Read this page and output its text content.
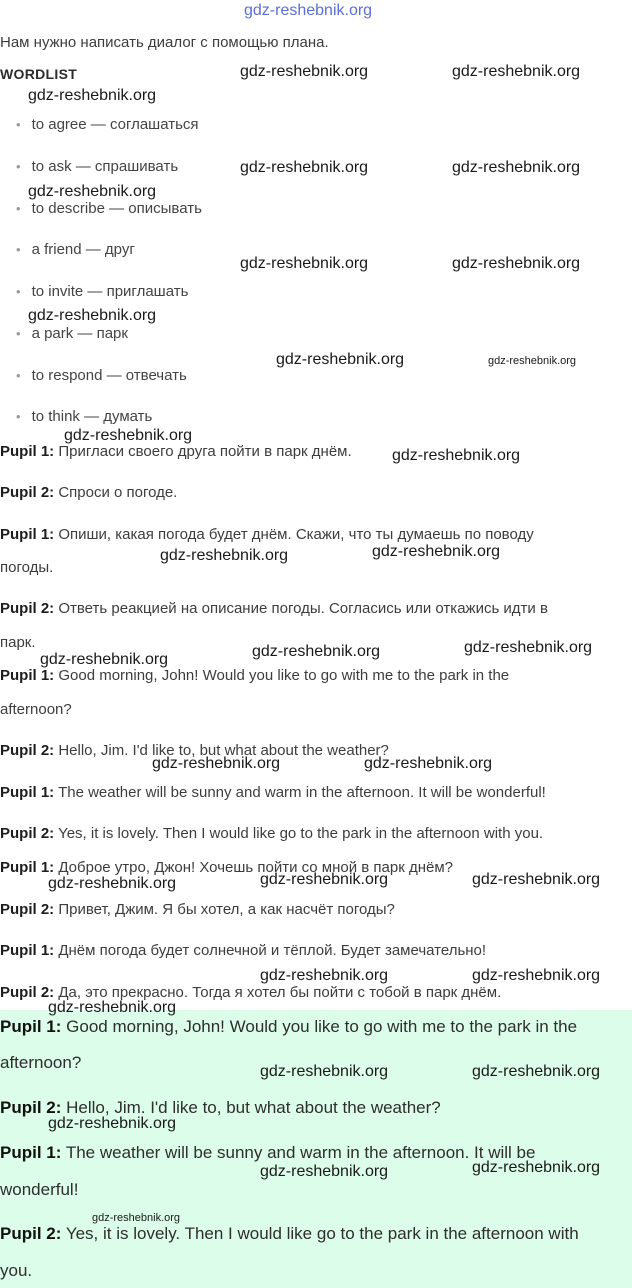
gdz-reshebnik.org
Нам нужно написать диалог с помощью плана.
WORDLIST
• to agree — соглашаться
• to ask — спрашивать
• to describe — описывать
• a friend — друг
• to invite — приглашать
• a park — парк
• to respond — отвечать
• to think — думать
Pupil 1: Пригласи своего друга пойти в парк днём.
Pupil 2: Спроси о погоде.
Pupil 1: Опиши, какая погода будет днём. Скажи, что ты думаешь по поводу
погоды.
Pupil 2: Ответь реакцией на описание погоды. Согласись или откажись идти в
парк.
Pupil 1: Good morning, John! Would you like to go with me to the park in the
afternoon?
Pupil 2: Hello, Jim. I'd like to, but what about the weather?
Pupil 1: The weather will be sunny and warm in the afternoon. It will be wonderful!
Pupil 2: Yes, it is lovely. Then I would like go to the park in the afternoon with you.
Pupil 1: Доброе утро, Джон! Хочешь пойти со мной в парк днём?
Pupil 2: Привет, Джим. Я бы хотел, а как насчёт погоды?
Pupil 1: Днём погода будет солнечной и тёплой. Будет замечательно!
Pupil 2: Да, это прекрасно. Тогда я хотел бы пойти с тобой в парк днём.
Pupil 1: Good morning, John! Would you like to go with me to the park in the
afternoon?
Pupil 2: Hello, Jim. I'd like to, but what about the weather?
Pupil 1: The weather will be sunny and warm in the afternoon. It will be
wonderful!
Pupil 2: Yes, it is lovely. Then I would like go to the park in the afternoon with
you.
gdz-reshebnik.org	gdz-reshebnik.org
gdz-reshebnik.org
gdz-reshebnik.org	gdz-reshebnik.org
gdz-reshebnik.org
gdz-reshebnik.org	gdz-reshebnik.org
gdz-reshebnik.org
gdz-reshebnik.org	gdz-reshebnik.org
gdz-reshebnik.org
gdz-reshebnik.org
gdz-reshebnik.org
gdz-reshebnik.org
gdz-reshebnik.org
gdz-reshebnik.org
gdz-reshebnik.org
gdz-reshebnik.org	gdz-reshebnik.org
gdz-reshebnik.org	gdz-reshebnik.org
gdz-reshebnik.org
gdz-reshebnik.org	gdz-reshebnik.org
gdz-reshebnik.org
gdz-reshebnik.org	gdz-reshebnik.org
gdz-reshebnik.org
gdz-reshebnik.org
gdz-reshebnik.org
gdz-reshebnik.org
